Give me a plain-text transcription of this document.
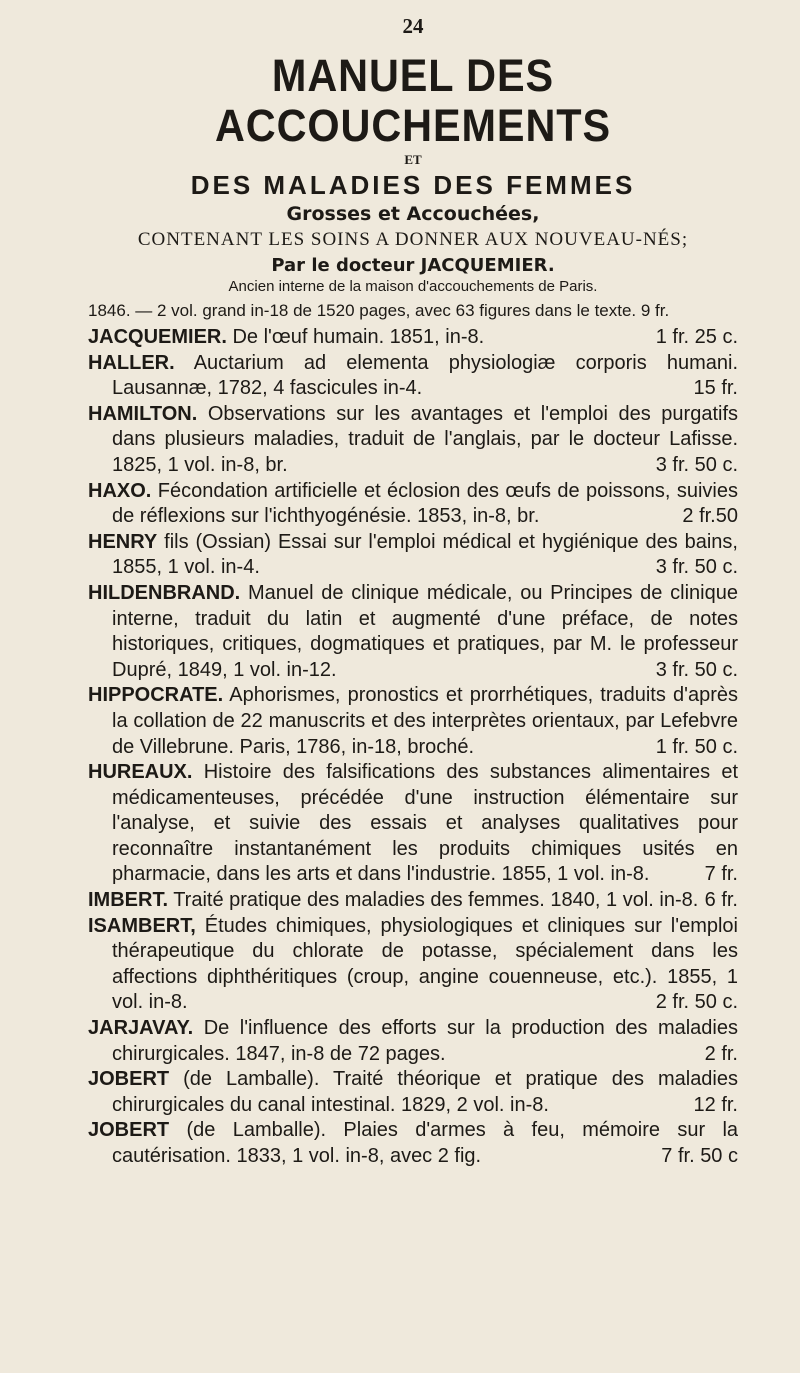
24

MANUEL DES ACCOUCHEMENTS

ET

DES MALADIES DES FEMMES

Grosses et Accouchées,

CONTENANT LES SOINS A DONNER AUX NOUVEAU-NÉS;

Par le docteur JACQUEMIER.

Ancien interne de la maison d'accouchements de Paris.

1846. — 2 vol. grand in-18 de 1520 pages, avec 63 figures dans le texte. 9 fr.

JACQUEMIER. De l'œuf humain. 1851, in-8.	1 fr. 25 c.

HALLER. Auctarium ad elementa physiologiæ corporis humani. Lausannæ, 1782, 4 fascicules in-4.	15 fr.

HAMILTON. Observations sur les avantages et l'emploi des purgatifs dans plusieurs maladies, traduit de l'anglais, par le docteur Lafisse. 1825, 1 vol. in-8, br.	3 fr. 50 c.

HAXO. Fécondation artificielle et éclosion des œufs de poissons, suivies de réflexions sur l'ichthyogénésie. 1853, in-8, br.	2 fr.50

HENRY fils (Ossian) Essai sur l'emploi médical et hygiénique des bains, 1855, 1 vol. in-4.	3 fr. 50 c.

HILDENBRAND. Manuel de clinique médicale, ou Principes de clinique interne, traduit du latin et augmenté d'une préface, de notes historiques, critiques, dogmatiques et pratiques, par M. le professeur Dupré, 1849, 1 vol. in-12.	3 fr. 50 c.

HIPPOCRATE. Aphorismes, pronostics et prorrhétiques, traduits d'après la collation de 22 manuscrits et des interprètes orientaux, par Lefebvre de Villebrune. Paris, 1786, in-18, broché.	1 fr. 50 c.

HUREAUX. Histoire des falsifications des substances alimentaires et médicamenteuses, précédée d'une instruction élémentaire sur l'analyse, et suivie des essais et analyses qualitatives pour reconnaître instantanément les produits chimiques usités en pharmacie, dans les arts et dans l'industrie. 1855, 1 vol. in-8.	7 fr.

IMBERT. Traité pratique des maladies des femmes. 1840, 1 vol. in-8. 6 fr.

ISAMBERT, Études chimiques, physiologiques et cliniques sur l'emploi thérapeutique du chlorate de potasse, spécialement dans les affections diphthéritiques (croup, angine couenneuse, etc.). 1855, 1 vol. in-8.	2 fr. 50 c.

JARJAVAY. De l'influence des efforts sur la production des maladies chirurgicales. 1847, in-8 de 72 pages.	2 fr.

JOBERT (de Lamballe). Traité théorique et pratique des maladies chirurgicales du canal intestinal. 1829, 2 vol. in-8.	12 fr.

JOBERT (de Lamballe). Plaies d'armes à feu, mémoire sur la cautérisation. 1833, 1 vol. in-8, avec 2 fig.	7 fr. 50 c
